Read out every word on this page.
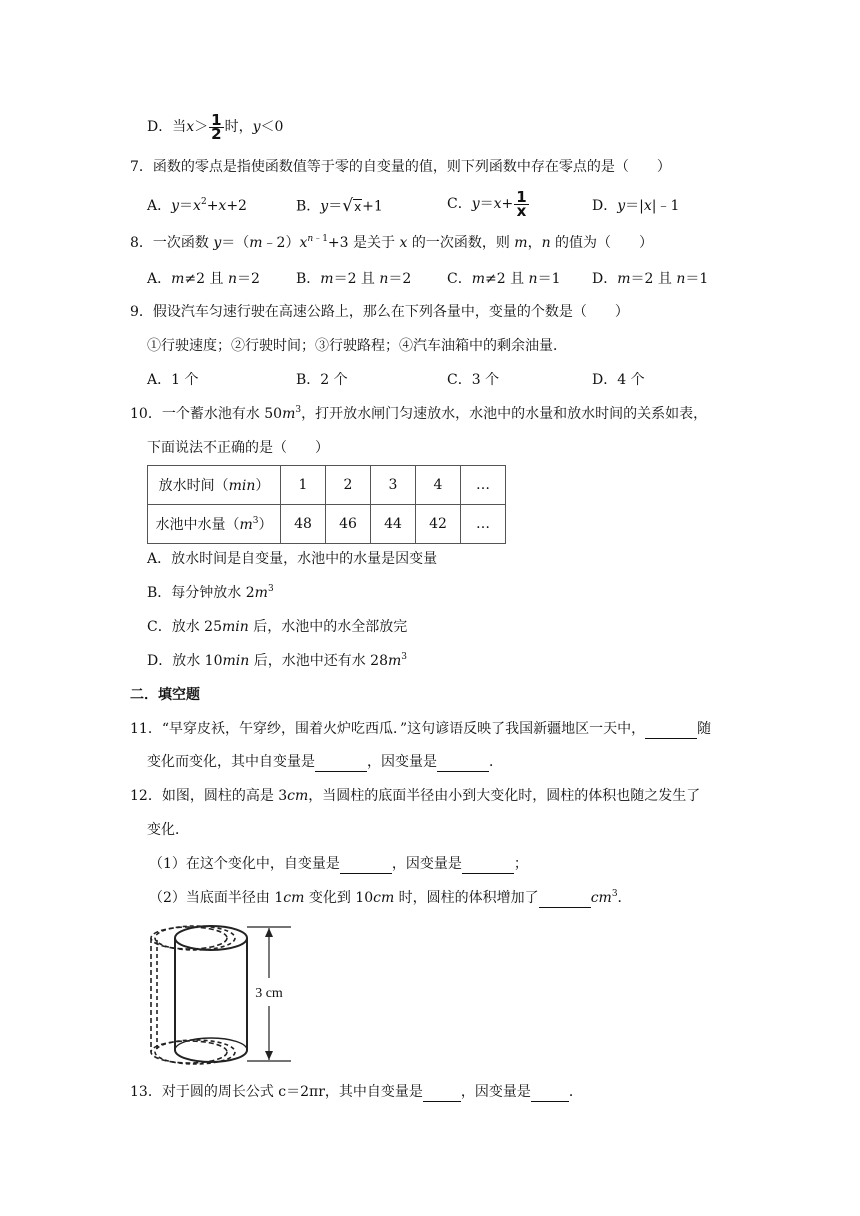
D．当$x> \frac{1}{2}$ 时，y＜0
7．函数的零点是指使函数值等于零的自变量的值，则下列函数中存在零点的是（　　）
A．$y=x^2+x+2$	B．y＝√x+1	C．$y=x+ \frac{1}{x}$	D．y＝|x|﹣1
8．一次函数 $y=(m﹣2)x^{n﹣1}+3$ 是关于 x 的一次函数，则 m，n 的值为（　　）
A．m≠2 且 n＝2	B．m＝2 且 n＝2	C．m≠2 且 n＝1 D．m＝2 且 n＝1
9．假设汽车匀速行驶在高速公路上，那么在下列各量中，变量的个数是（　　）
①行驶速度；②行驶时间；③行驶路程；④汽车油箱中的剩余油量．
A．1 个	B．2 个	C．3 个	D．4 个
10．一个蓄水池有水 $50m^3$，打开放水闸门匀速放水，水池中的水量和放水时间的关系如表，
下面说法不正确的是（　　）
放水时间（min）	1	2	3	4	…
水池中水量$(m^3)$	48	46	44	42	…
A．放水时间是自变量，水池中的水量是因变量
B．每分钟放水 $2m^3$
C．放水 25min 后，水池中的水全部放完
D．放水 10min 后，水池中还有水 $28m^3$
二．填空题
11．“早穿皮袄，午穿纱，围着火炉吃西瓜．”这句谚语反映了我国新疆地区一天中，	随
变化而变化，其中自变量是	，因变量是	．
12．如图，圆柱的高是 3cm，当圆柱的底面半径由小到大变化时，圆柱的体积也随之发生了
变化．
（1）在这个变化中，自变量是	，因变量是	；
（2）当底面半径由 1cm 变化到 10cm 时，圆柱的体积增加了	$cm^3$．
3 cm
13．对于圆的周长公式 c＝2πr，其中自变量是	，因变量是	．
